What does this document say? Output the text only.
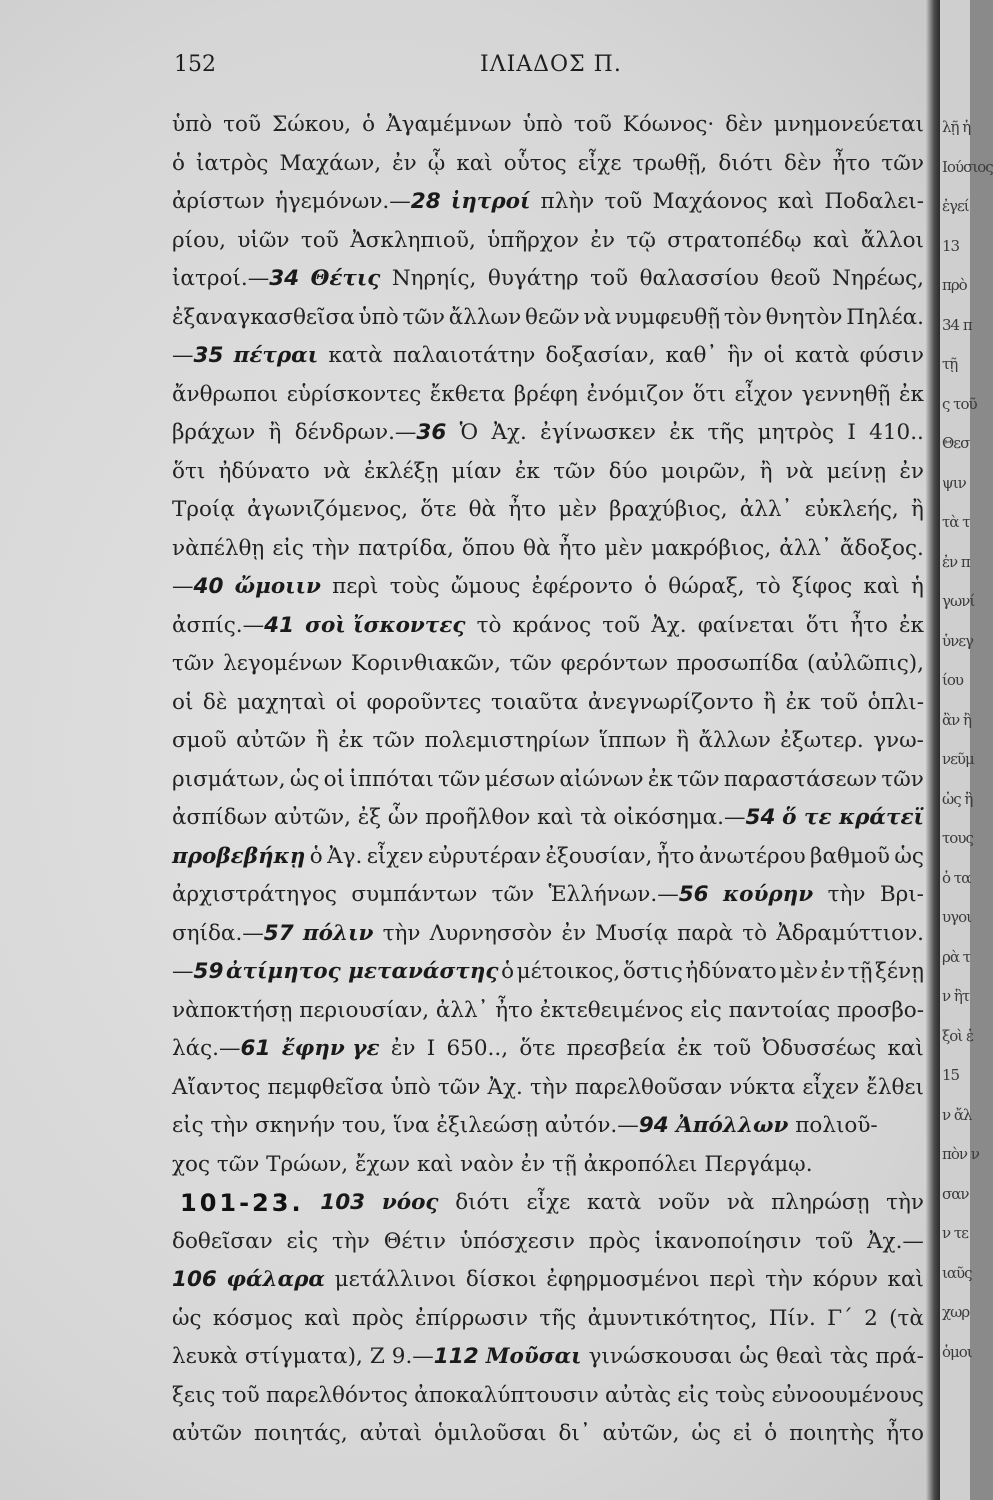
λῇ ἡ
Ιούσιος
ἐγεί
13
πρὸ
34 π
τῇ
ς τοῦ
Θεσ
ψιν
τὰ τ
ἐν π
γωνί
ὑνεγ
ίου
ἂν ἢ
νεῦμ
ὡς ἢ
τους
ὁ τα
υγοι
ρὰ τ
ν ἣτ
ξοὶ ἐ
15
ν ἄλ
πὸν ν
σαν
ν τε
ιαῦς
χωρ
ὁμοι
152	ΙΛΙΑΔΟΣ Π.
ὑπὸ τοῦ Σώκου, ὁ Ἀγαμέμνων ὑπὸ τοῦ Κόωνος· δὲν μνημονεύεται
ὁ ἰατρὸς Μαχάων, ἐν ᾧ καὶ οὗτος εἶχε τρωθῇ, διότι δὲν ἦτο τῶν
ἀρίστων ἡγεμόνων.—28 ἰητροί πλὴν τοῦ Μαχάονος καὶ Ποδαλει-
ρίου, υἱῶν τοῦ Ἀσκληπιοῦ, ὑπῆρχον ἐν τῷ στρατοπέδῳ καὶ ἄλλοι
ἰατροί.—34 Θέτις Νηρηίς, θυγάτηρ τοῦ θαλασσίου θεοῦ Νηρέως,
ἐξαναγκασθεῖσα ὑπὸ τῶν ἄλλων θεῶν νὰ νυμφευθῇ τὸν θνητὸν Πηλέα.
—35 πέτραι κατὰ παλαιοτάτην δοξασίαν, καθ᾽ ἣν οἱ κατὰ φύσιν
ἄνθρωποι εὑρίσκοντες ἔκθετα βρέφη ἐνόμιζον ὅτι εἶχον γεννηθῇ ἐκ
βράχων ἢ δένδρων.—36 Ὁ Ἀχ. ἐγίνωσκεν ἐκ τῆς μητρὸς Ι 410..
ὅτι ἠδύνατο νὰ ἐκλέξῃ μίαν ἐκ τῶν δύο μοιρῶν, ἢ νὰ μείνῃ ἐν
Τροίᾳ ἀγωνιζόμενος, ὅτε θὰ ἦτο μὲν βραχύβιος, ἀλλ᾽ εὐκλεής, ἢ
νὰπέλθῃ εἰς τὴν πατρίδα, ὅπου θὰ ἦτο μὲν μακρόβιος, ἀλλ᾽ ἄδοξος.
—40 ὤμοιιν περὶ τοὺς ὤμους ἐφέροντο ὁ θώραξ, τὸ ξίφος καὶ ἡ
ἀσπίς.—41 σοὶ ἴσκοντες τὸ κράνος τοῦ Ἀχ. φαίνεται ὅτι ἦτο ἐκ
τῶν λεγομένων Κορινθιακῶν, τῶν φερόντων προσωπίδα (αὐλῶπις),
οἱ δὲ μαχηταὶ οἱ φοροῦντες τοιαῦτα ἀνεγνωρίζοντο ἢ ἐκ τοῦ ὁπλι-
σμοῦ αὐτῶν ἢ ἐκ τῶν πολεμιστηρίων ἵππων ἢ ἄλλων ἐξωτερ. γνω-
ρισμάτων, ὡς οἱ ἱππόται τῶν μέσων αἰώνων ἐκ τῶν παραστάσεων τῶν
ἀσπίδων αὐτῶν, ἐξ ὧν προῆλθον καὶ τὰ οἰκόσημα.—54 ὅ τε κράτεϊ
προβεβήκῃ ὁ Ἀγ. εἶχεν εὐρυτέραν ἐξουσίαν, ἦτο ἀνωτέρου βαθμοῦ ὡς
ἀρχιστράτηγος συμπάντων τῶν Ἑλλήνων.—56 κούρην τὴν Βρι-
σηίδα.—57 πόλιν τὴν Λυρνησσὸν ἐν Μυσίᾳ παρὰ τὸ Ἀδραμύττιον.
—59 ἀτίμητος μετανάστης ὁ μέτοικος, ὅστις ἠδύνατο μὲν ἐν τῇ ξένῃ
νὰποκτήσῃ περιουσίαν, ἀλλ᾽ ἦτο ἐκτεθειμένος εἰς παντοίας προσβο-
λάς.—61 ἔφην γε ἐν Ι 650.., ὅτε πρεσβεία ἐκ τοῦ Ὀδυσσέως καὶ
Αἴαντος πεμφθεῖσα ὑπὸ τῶν Ἀχ. τὴν παρελθοῦσαν νύκτα εἶχεν ἔλθει
εἰς τὴν σκηνήν του, ἵνα ἐξιλεώσῃ αὐτόν.—94 Ἀπόλλων πολιοῦ-
χος τῶν Τρώων, ἔχων καὶ ναὸν ἐν τῇ ἀκροπόλει Περγάμῳ.
101-23. 103 νόος διότι εἶχε κατὰ νοῦν νὰ πληρώσῃ τὴν
δοθεῖσαν εἰς τὴν Θέτιν ὑπόσχεσιν πρὸς ἱκανοποίησιν τοῦ Ἀχ.—
106 φάλαρα μετάλλινοι δίσκοι ἐφηρμοσμένοι περὶ τὴν κόρυν καὶ
ὡς κόσμος καὶ πρὸς ἐπίρρωσιν τῆς ἀμυντικότητος, Πίν. Γ΄ 2 (τὰ
λευκὰ στίγματα), Ζ 9.—112 Μοῦσαι γινώσκουσαι ὡς θεαὶ τὰς πρά-
ξεις τοῦ παρελθόντος ἀποκαλύπτουσιν αὐτὰς εἰς τοὺς εὐνοουμένους
αὐτῶν ποιητάς, αὐταὶ ὁμιλοῦσαι δι᾽ αὐτῶν, ὡς εἰ ὁ ποιητὴς ἦτο
